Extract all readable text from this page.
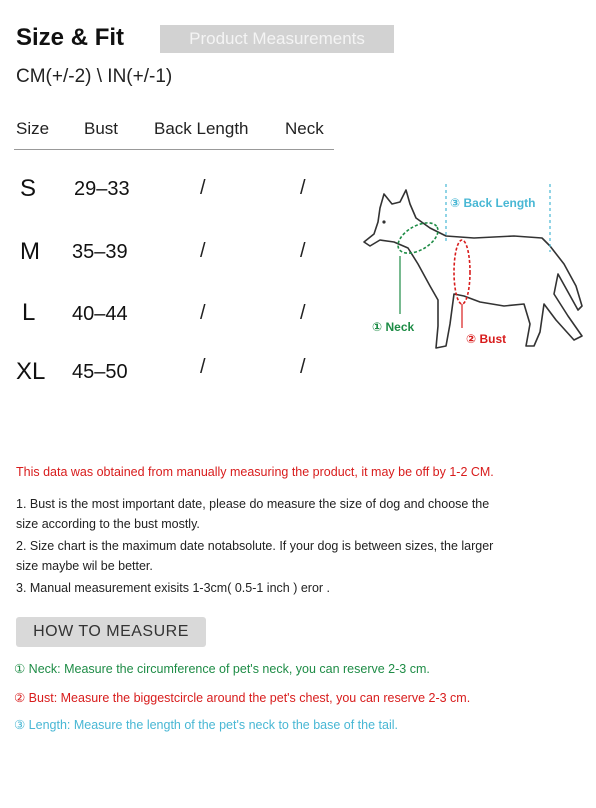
Size & Fit	Product Measurements
CM(+/-2) \ IN(+/-1)
Size Bust Back Length Neck
S 29–33	/	/
M 35–39	/	/
L 40–44	/	/
XL 45–50	/	/
③ Back Length
① Neck
② Bust
This data was obtained from manually measuring the product, it may be off by 1-2 CM.
1. Bust is the most important date, please do measure the size of dog and choose the
size according to the bust mostly.
2. Size chart is the maximum date notabsolute. If your dog is between sizes, the larger
size maybe wil be better.
3. Manual measurement exisits 1-3cm( 0.5-1 inch ) eror .
HOW TO MEASURE
① Neck: Measure the circumference of pet's neck, you can reserve 2-3 cm.
② Bust: Measure the biggestcircle around the pet's chest, you can reserve 2-3 cm.
③ Length: Measure the length of the pet's neck to the base of the tail.
